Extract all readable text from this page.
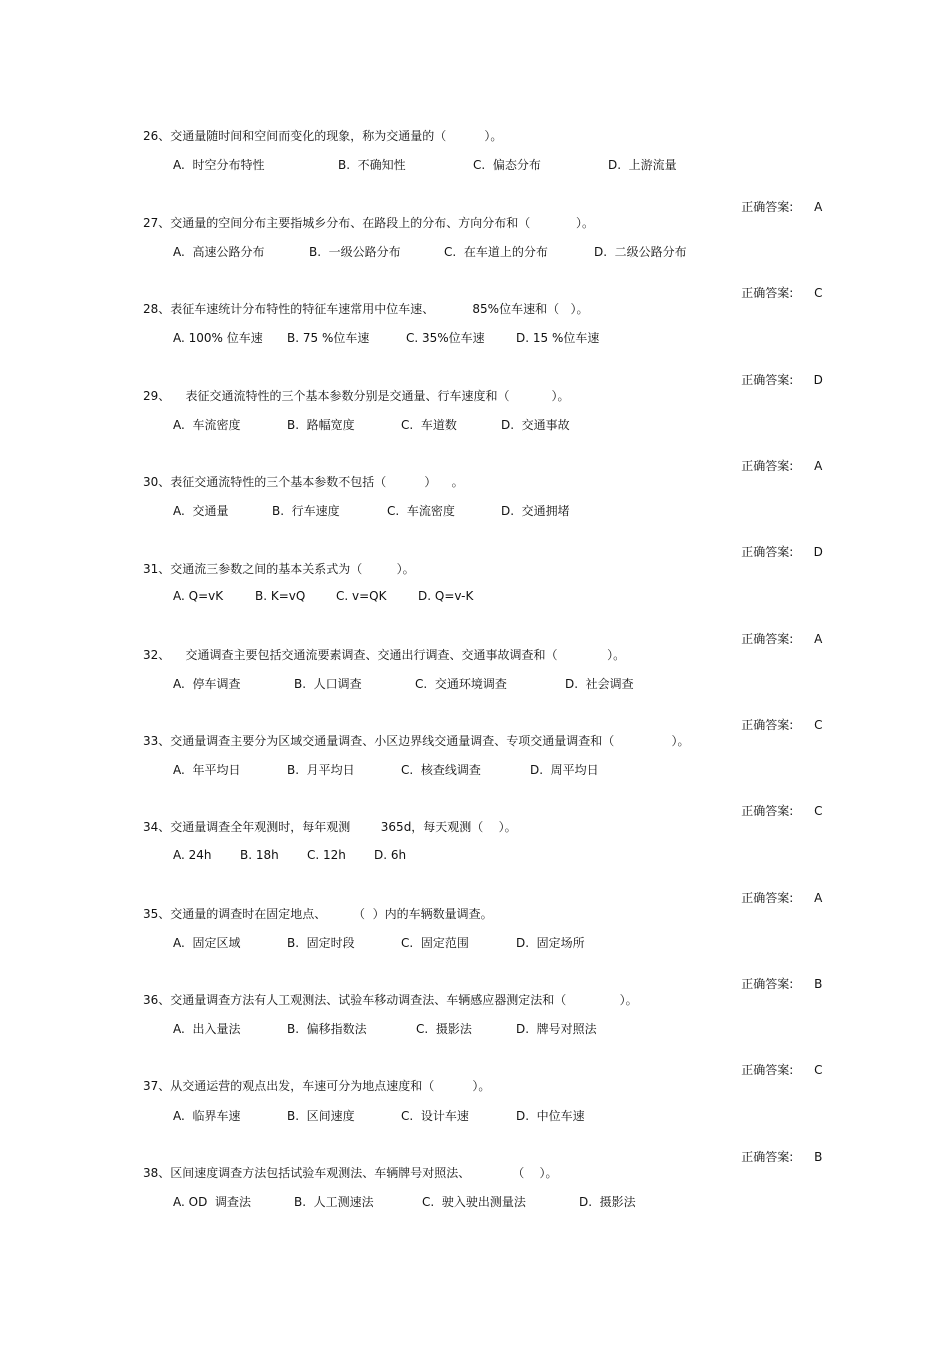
26、交通量随时间和空间而变化的现象，称为交通量的（          ）。
A.  时空分布特性	B.  不确知性	C.  偏态分布	D.  上游流量

正确答案: A

27、交通量的空间分布主要指城乡分布、在路段上的分布、方向分布和（            ）。
A.  高速公路分布	B.  一级公路分布	C.  在车道上的分布	D.  二级公路分布

正确答案: C

28、表征车速统计分布特性的特征车速常用中位车速、          85%位车速和（   ）。
A. 100% 位车速 B. 75 %位车速	C. 35%位车速	D. 15 %位车速

正确答案: D

29、    表征交通流特性的三个基本参数分别是交通量、行车速度和（           ）。
A.  车流密度	B.  路幅宽度	C.  车道数	D.  交通事故

正确答案: A

30、表征交通流特性的三个基本参数不包括（          ）    。
A.  交通量	B.  行车速度	C.  车流密度	D.  交通拥堵

正确答案: D

31、交通流三参数之间的基本关系式为（         ）。
A. Q=vK	B. K=vQ	C. v=QK	D. Q=v-K

正确答案: A

32、    交通调查主要包括交通流要素调查、交通出行调查、交通事故调查和（             ）。
A.  停车调查	B.  人口调查	C.  交通环境调查	D.  社会调查

正确答案: C

33、交通量调查主要分为区域交通量调查、小区边界线交通量调查、专项交通量调查和（               ）。
A.  年平均日	B.  月平均日	C.  核查线调查	D.  周平均日

正确答案: C

34、交通量调查全年观测时，每年观测        365d，每天观测（    ）。
A. 24h B. 18h C. 12h D. 6h

正确答案: A

35、交通量的调查时在固定地点、       （  ）内的车辆数量调查。
A.  固定区域	B.  固定时段	C.  固定范围	D.  固定场所

正确答案: B

36、交通量调查方法有人工观测法、试验车移动调查法、车辆感应器测定法和（              ）。
A.  出入量法	B.  偏移指数法	C.  摄影法	D.  牌号对照法

正确答案: C

37、从交通运营的观点出发，车速可分为地点速度和（          ）。
A.  临界车速	B.  区间速度	C.  设计车速	D.  中位车速

正确答案: B

38、区间速度调查方法包括试验车观测法、车辆牌号对照法、           （    ）。
A. OD  调查法	B.  人工测速法	C.  驶入驶出测量法	D.  摄影法
